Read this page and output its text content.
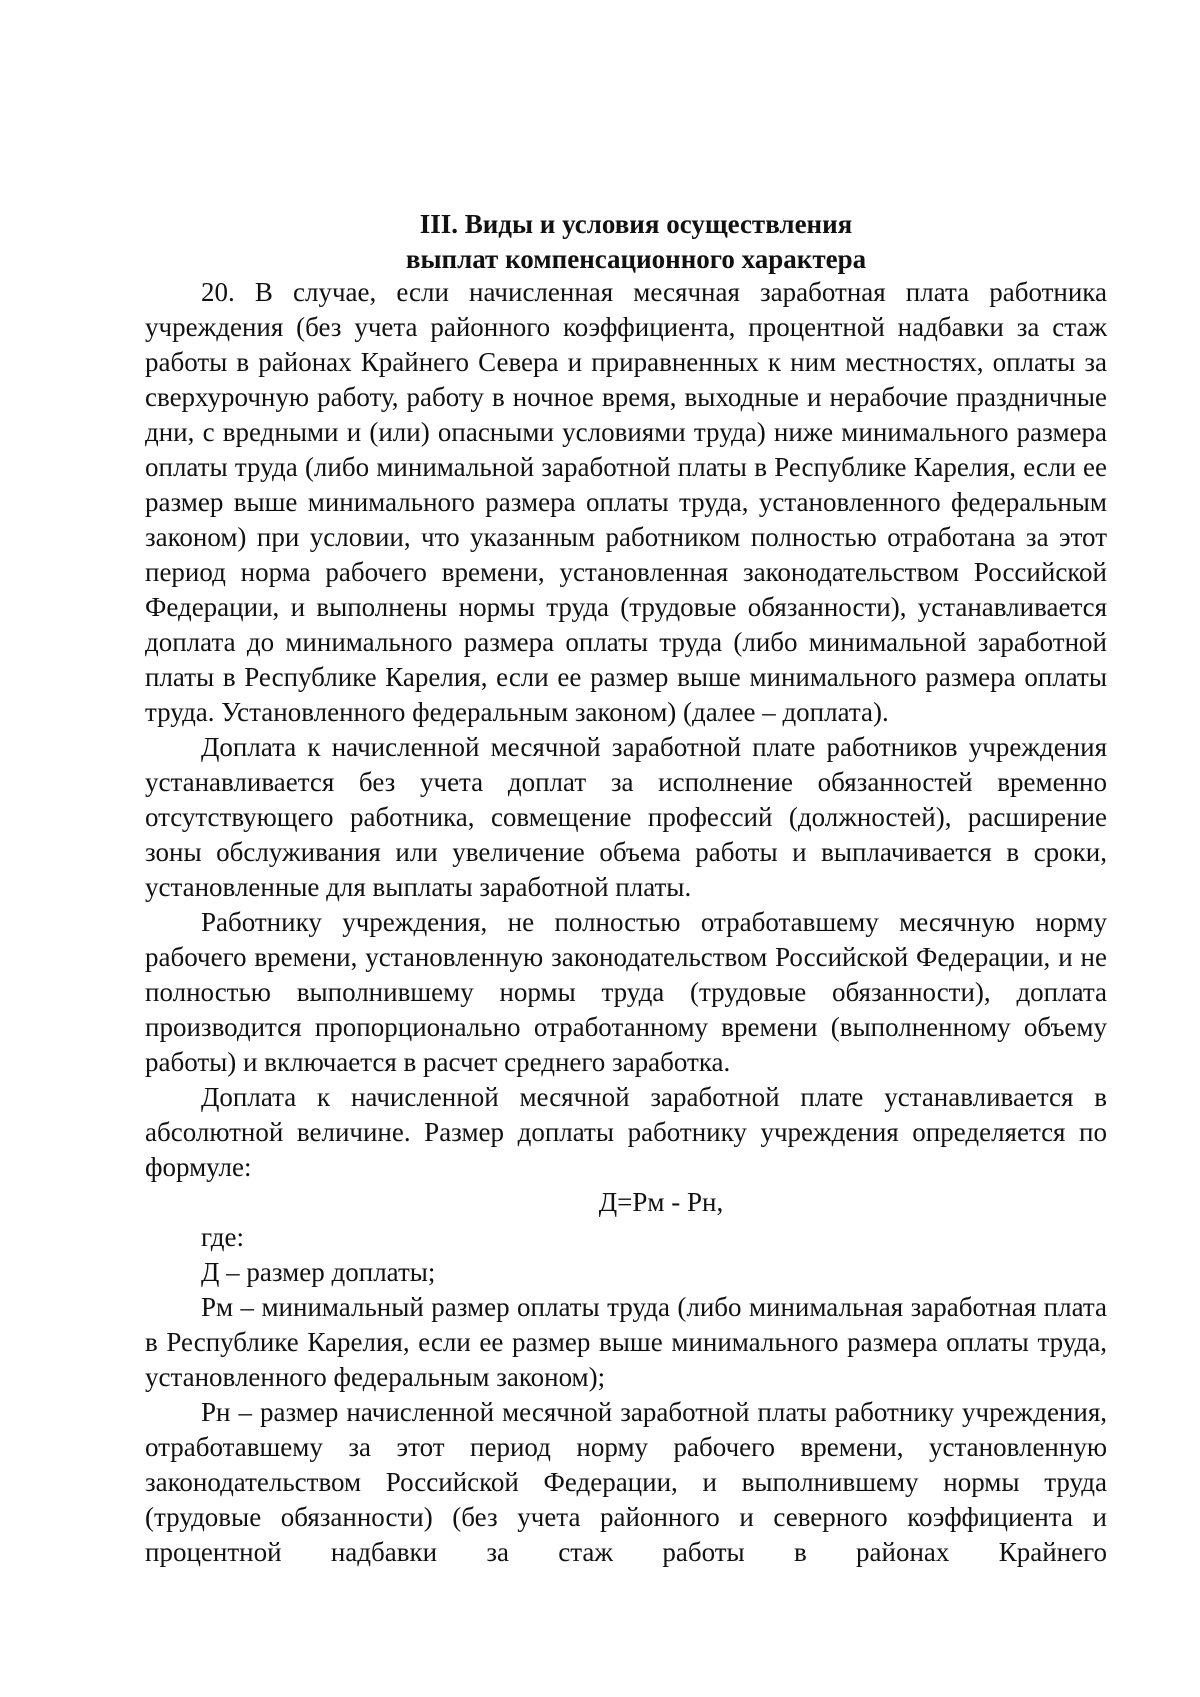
III. Виды и условия осуществления
выплат компенсационного характера

20. В случае, если начисленная месячная заработная плата работника учреждения (без учета районного коэффициента, процентной надбавки за стаж работы в районах Крайнего Севера и приравненных к ним местностях, оплаты за сверхурочную работу, работу в ночное время, выходные и нерабочие праздничные дни, с вредными и (или) опасными условиями труда) ниже минимального размера оплаты труда (либо минимальной заработной платы в Республике Карелия, если ее размер выше минимального размера оплаты труда, установленного федеральным законом) при условии, что указанным работником полностью отработана за этот период норма рабочего времени, установленная законодательством Российской Федерации, и выполнены нормы труда (трудовые обязанности), устанавливается доплата до минимального размера оплаты труда (либо минимальной заработной платы в Республике Карелия, если ее размер выше минимального размера оплаты труда. Установленного федеральным законом) (далее – доплата).

Доплата к начисленной месячной заработной плате работников учреждения устанавливается без учета доплат за исполнение обязанностей временно отсутствующего работника, совмещение профессий (должностей), расширение зоны обслуживания или увеличение объема работы и выплачивается в сроки, установленные для выплаты заработной платы.

Работнику учреждения, не полностью отработавшему месячную норму рабочего времени, установленную законодательством Российской Федерации, и не полностью выполнившему нормы труда (трудовые обязанности), доплата производится пропорционально отработанному времени (выполненному объему работы) и включается в расчет среднего заработка.

Доплата к начисленной месячной заработной плате устанавливается в абсолютной величине. Размер доплаты работнику учреждения определяется по формуле:

Д=Рм - Рн,

где:

Д – размер доплаты;

Рм – минимальный размер оплаты труда (либо минимальная заработная плата в Республике Карелия, если ее размер выше минимального размера оплаты труда, установленного федеральным законом);

Рн – размер начисленной месячной заработной платы работнику учреждения, отработавшему за этот период норму рабочего времени, установленную законодательством Российской Федерации, и выполнившему нормы труда (трудовые обязанности) (без учета районного и северного коэффициента и процентной надбавки за стаж работы в районах Крайнего
